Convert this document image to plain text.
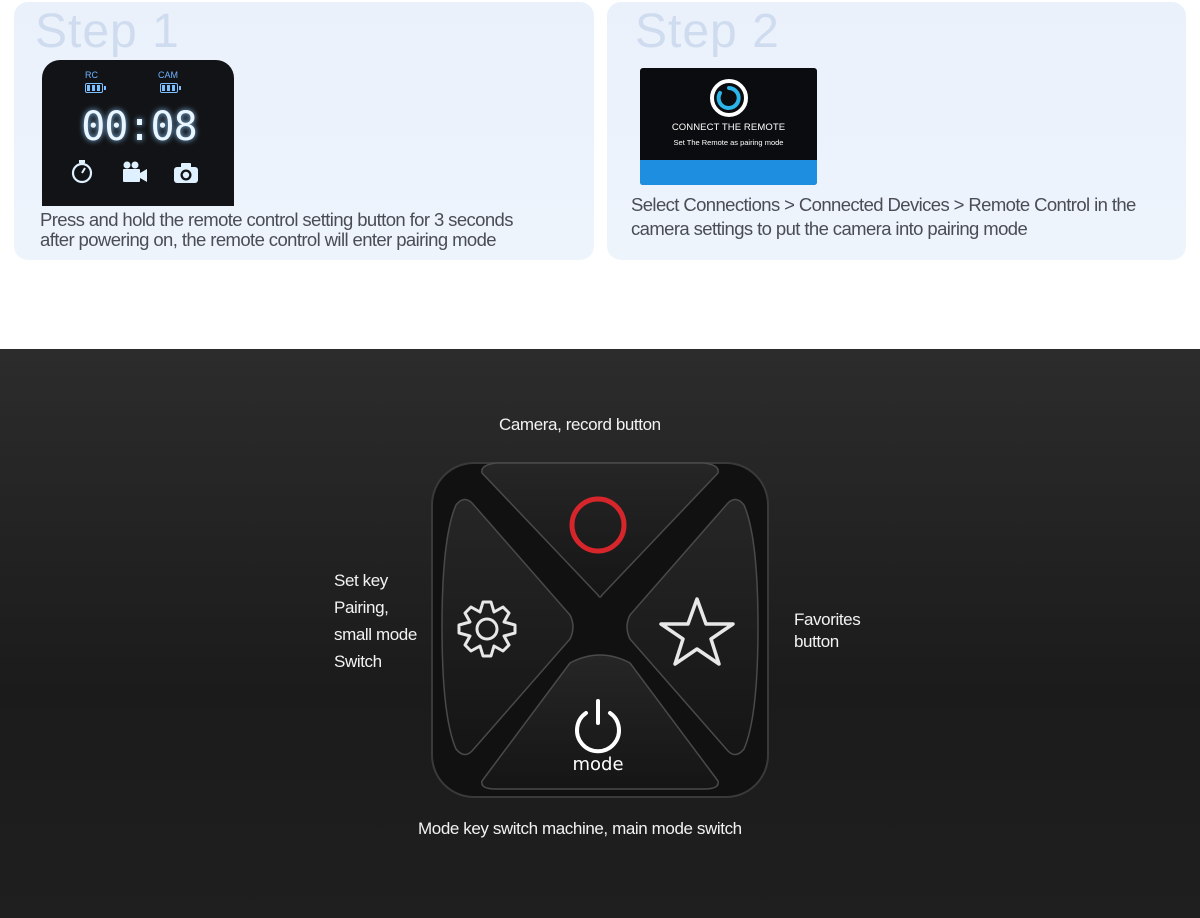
Step 1
RC	CAM
00:08
Press and hold the remote control setting button for 3 seconds
after powering on, the remote control will enter pairing mode
Step 2
CONNECT THE REMOTE
Set The Remote as pairing mode
Select Connections > Connected Devices > Remote Control in the
camera settings to put the camera into pairing mode
Camera, record button
Set key
Pairing,
small mode
Switch
Favorites
button
Mode key switch machine, main mode switch
mode
